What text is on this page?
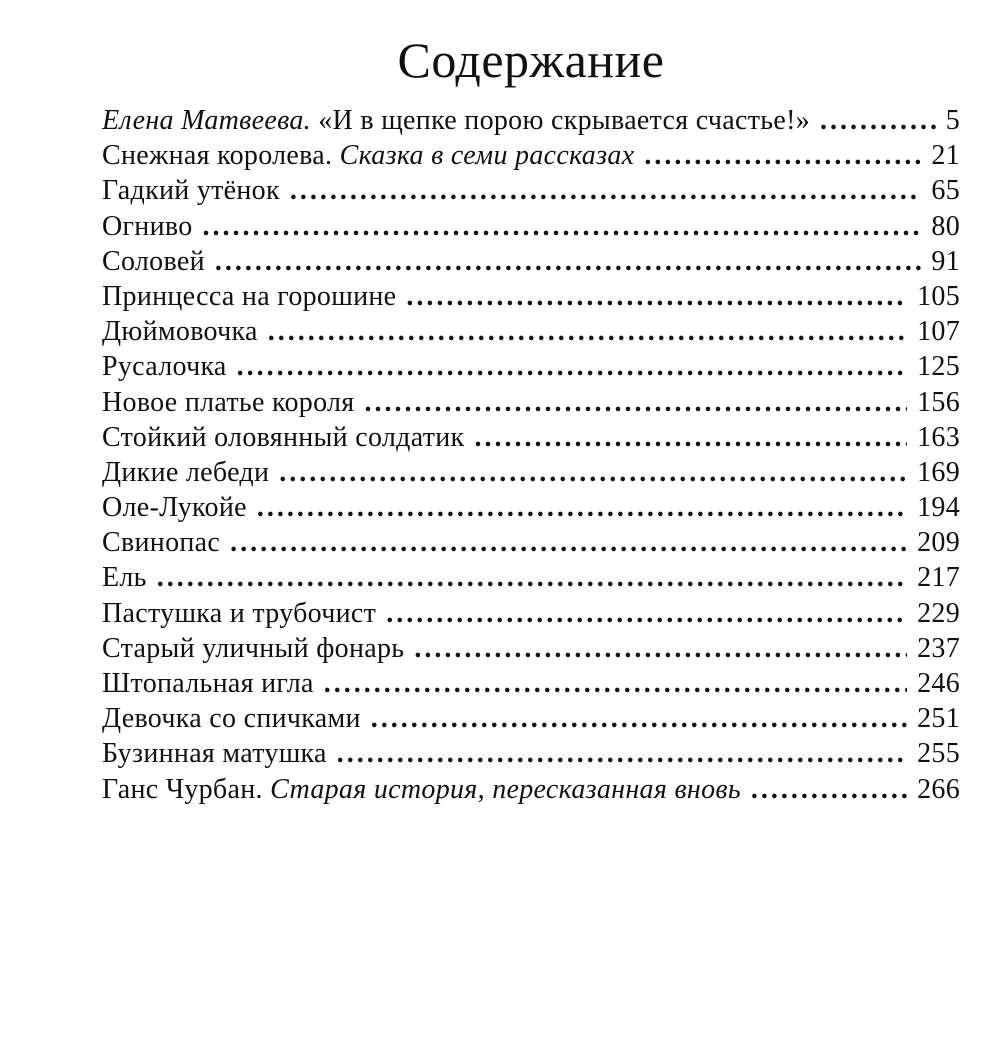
Содержание
Елена Матвеева. «И в щепке порою скрывается счастье!» .....	5
Снежная королева. Сказка в семи рассказах .....	21
Гадкий утёнок .....	65
Огниво .....	80
Соловей .....	91
Принцесса на горошине .....	105
Дюймовочка .....	107
Русалочка .....	125
Новое платье короля .....	156
Стойкий оловянный солдатик .....	163
Дикие лебеди .....	169
Оле-Лукойе .....	194
Свинопас .....	209
Ель .....	217
Пастушка и трубочист .....	229
Старый уличный фонарь .....	237
Штопальная игла .....	246
Девочка со спичками .....	251
Бузинная матушка .....	255
Ганс Чурбан. Старая история, пересказанная вновь .....	266
